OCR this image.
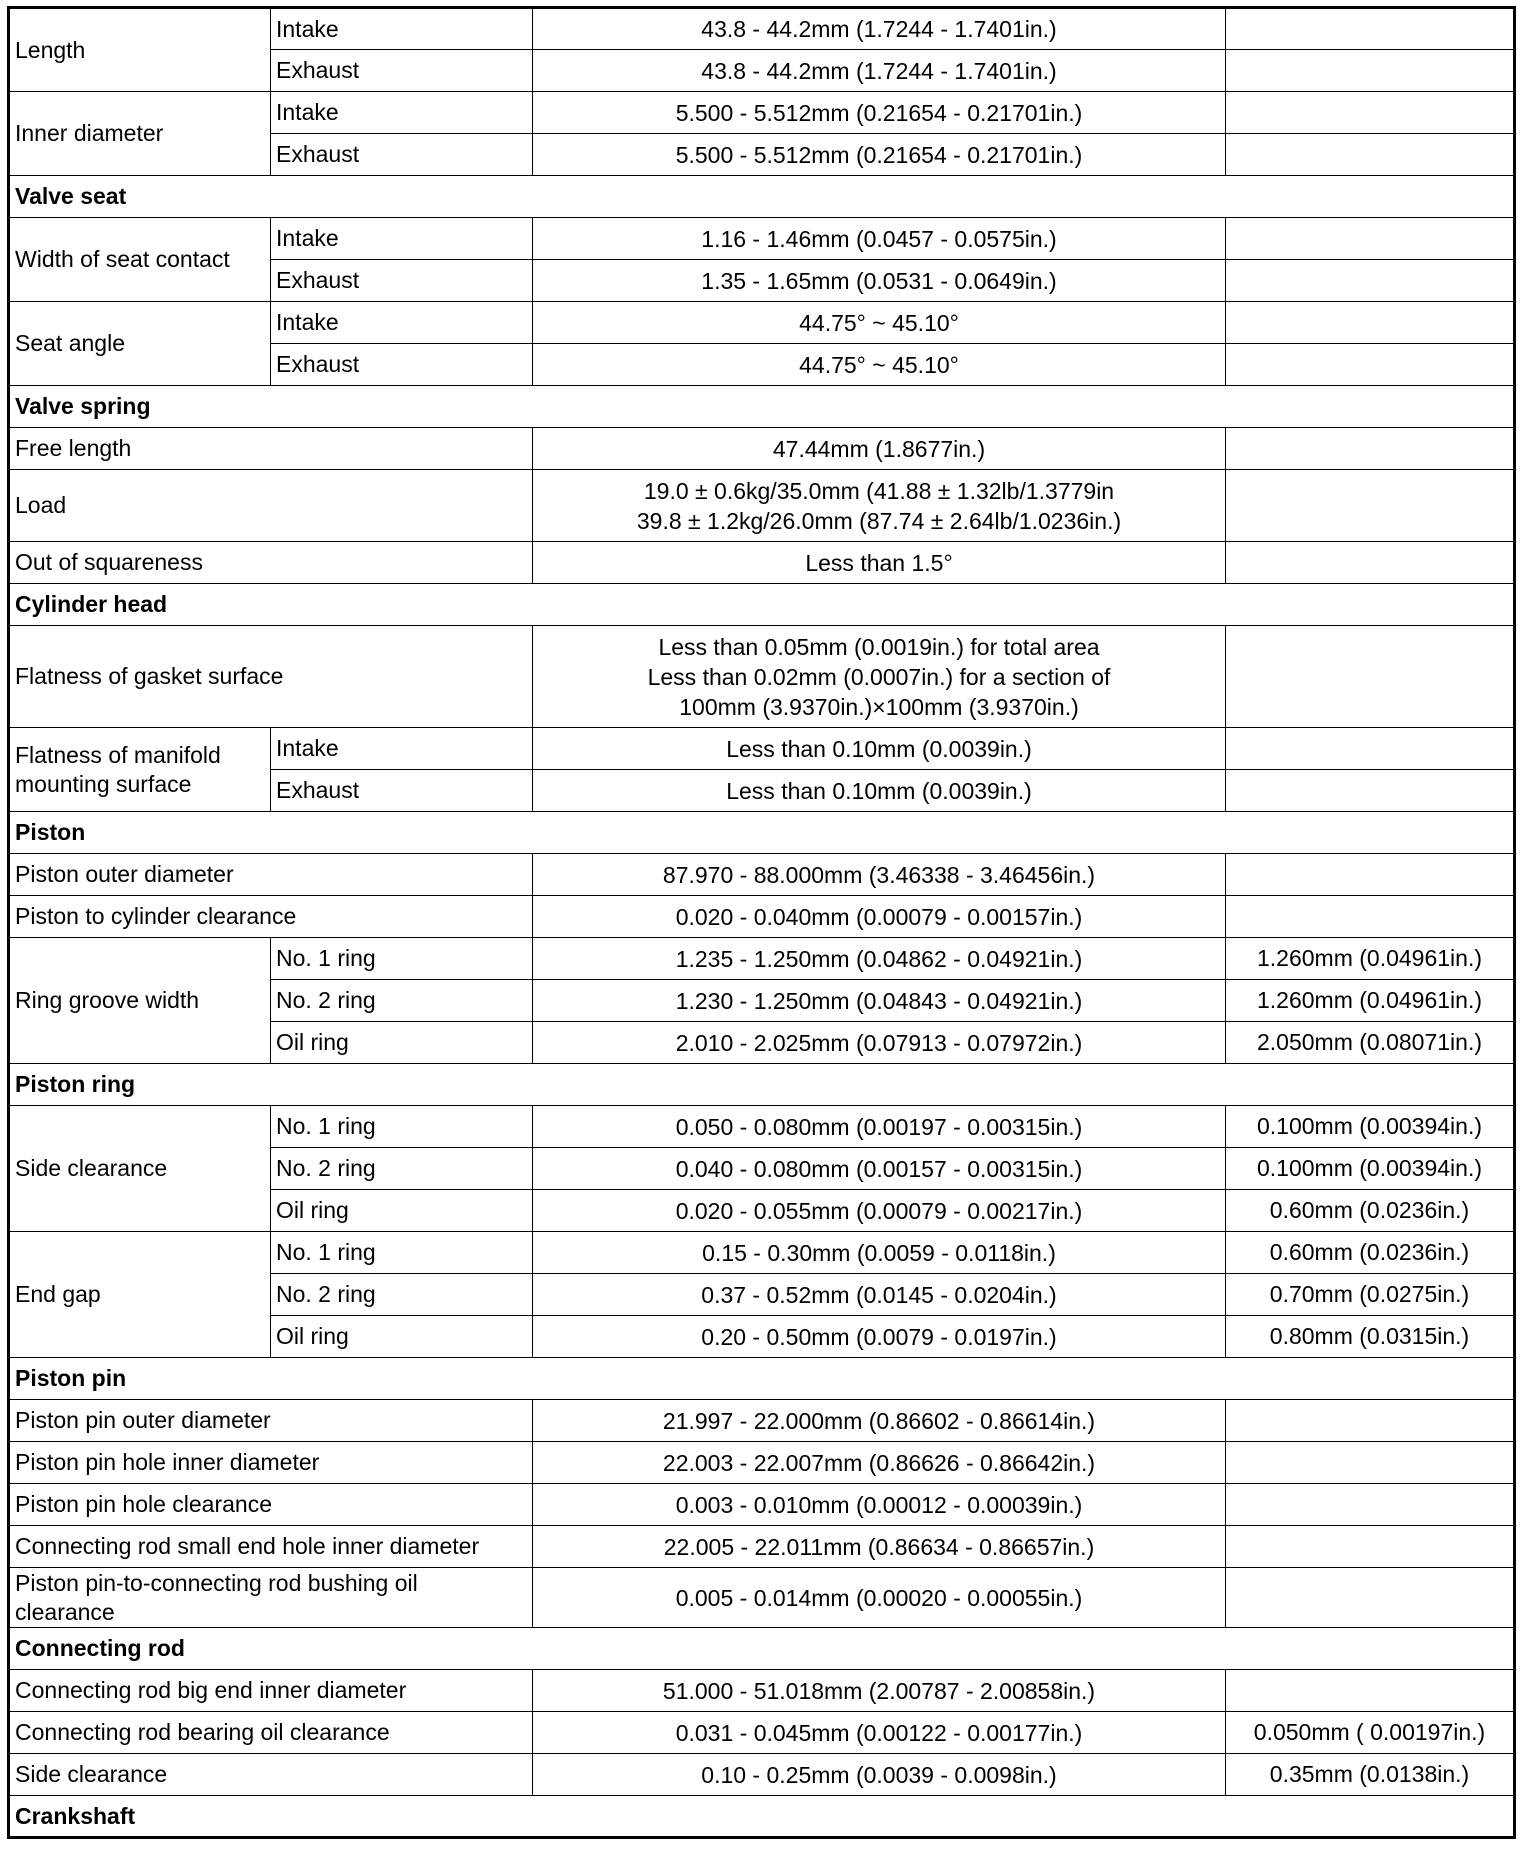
Length	Intake	43.8 - 44.2mm (1.7244 - 1.7401in.)	
	Exhaust	43.8 - 44.2mm (1.7244 - 1.7401in.)	
Inner diameter	Intake	5.500 - 5.512mm (0.21654 - 0.21701in.)	
	Exhaust	5.500 - 5.512mm (0.21654 - 0.21701in.)	
Valve seat			
Width of seat contact	Intake	1.16 - 1.46mm (0.0457 - 0.0575in.)	
	Exhaust	1.35 - 1.65mm (0.0531 - 0.0649in.)	
Seat angle	Intake	44.75° ~ 45.10°	
	Exhaust	44.75° ~ 45.10°	
Valve spring			
Free length		47.44mm (1.8677in.)	
Load		19.0 ± 0.6kg/35.0mm (41.88 ± 1.32lb/1.3779in
39.8 ± 1.2kg/26.0mm (87.74 ± 2.64lb/1.0236in.)	
Out of squareness		Less than 1.5°	
Cylinder head			
Flatness of gasket surface		Less than 0.05mm (0.0019in.) for total area
Less than 0.02mm (0.0007in.) for a section of
100mm (3.9370in.)×100mm (3.9370in.)	
Flatness of manifold
mounting surface	Intake	Less than 0.10mm (0.0039in.)	
	Exhaust	Less than 0.10mm (0.0039in.)	
Piston			
Piston outer diameter		87.970 - 88.000mm (3.46338 - 3.46456in.)	
Piston to cylinder clearance		0.020 - 0.040mm (0.00079 - 0.00157in.)	
Ring groove width	No. 1 ring	1.235 - 1.250mm (0.04862 - 0.04921in.)	1.260mm (0.04961in.)
	No. 2 ring	1.230 - 1.250mm (0.04843 - 0.04921in.)	1.260mm (0.04961in.)
	Oil ring	2.010 - 2.025mm (0.07913 - 0.07972in.)	2.050mm (0.08071in.)
Piston ring			
Side clearance	No. 1 ring	0.050 - 0.080mm (0.00197 - 0.00315in.)	0.100mm (0.00394in.)
	No. 2 ring	0.040 - 0.080mm (0.00157 - 0.00315in.)	0.100mm (0.00394in.)
	Oil ring	0.020 - 0.055mm (0.00079 - 0.00217in.)	0.60mm (0.0236in.)
End gap	No. 1 ring	0.15 - 0.30mm (0.0059 - 0.0118in.)	0.60mm (0.0236in.)
	No. 2 ring	0.37 - 0.52mm (0.0145 - 0.0204in.)	0.70mm (0.0275in.)
	Oil ring	0.20 - 0.50mm (0.0079 - 0.0197in.)	0.80mm (0.0315in.)
Piston pin			
Piston pin outer diameter		21.997 - 22.000mm (0.86602 - 0.86614in.)	
Piston pin hole inner diameter		22.003 - 22.007mm (0.86626 - 0.86642in.)	
Piston pin hole clearance		0.003 - 0.010mm (0.00012 - 0.00039in.)	
Connecting rod small end hole inner diameter		22.005 - 22.011mm (0.86634 - 0.86657in.)	
Piston pin-to-connecting rod bushing oil
clearance		0.005 - 0.014mm (0.00020 - 0.00055in.)	
Connecting rod			
Connecting rod big end inner diameter		51.000 - 51.018mm (2.00787 - 2.00858in.)	
Connecting rod bearing oil clearance		0.031 - 0.045mm (0.00122 - 0.00177in.)	0.050mm ( 0.00197in.)
Side clearance		0.10 - 0.25mm (0.0039 - 0.0098in.)	0.35mm (0.0138in.)
Crankshaft			
